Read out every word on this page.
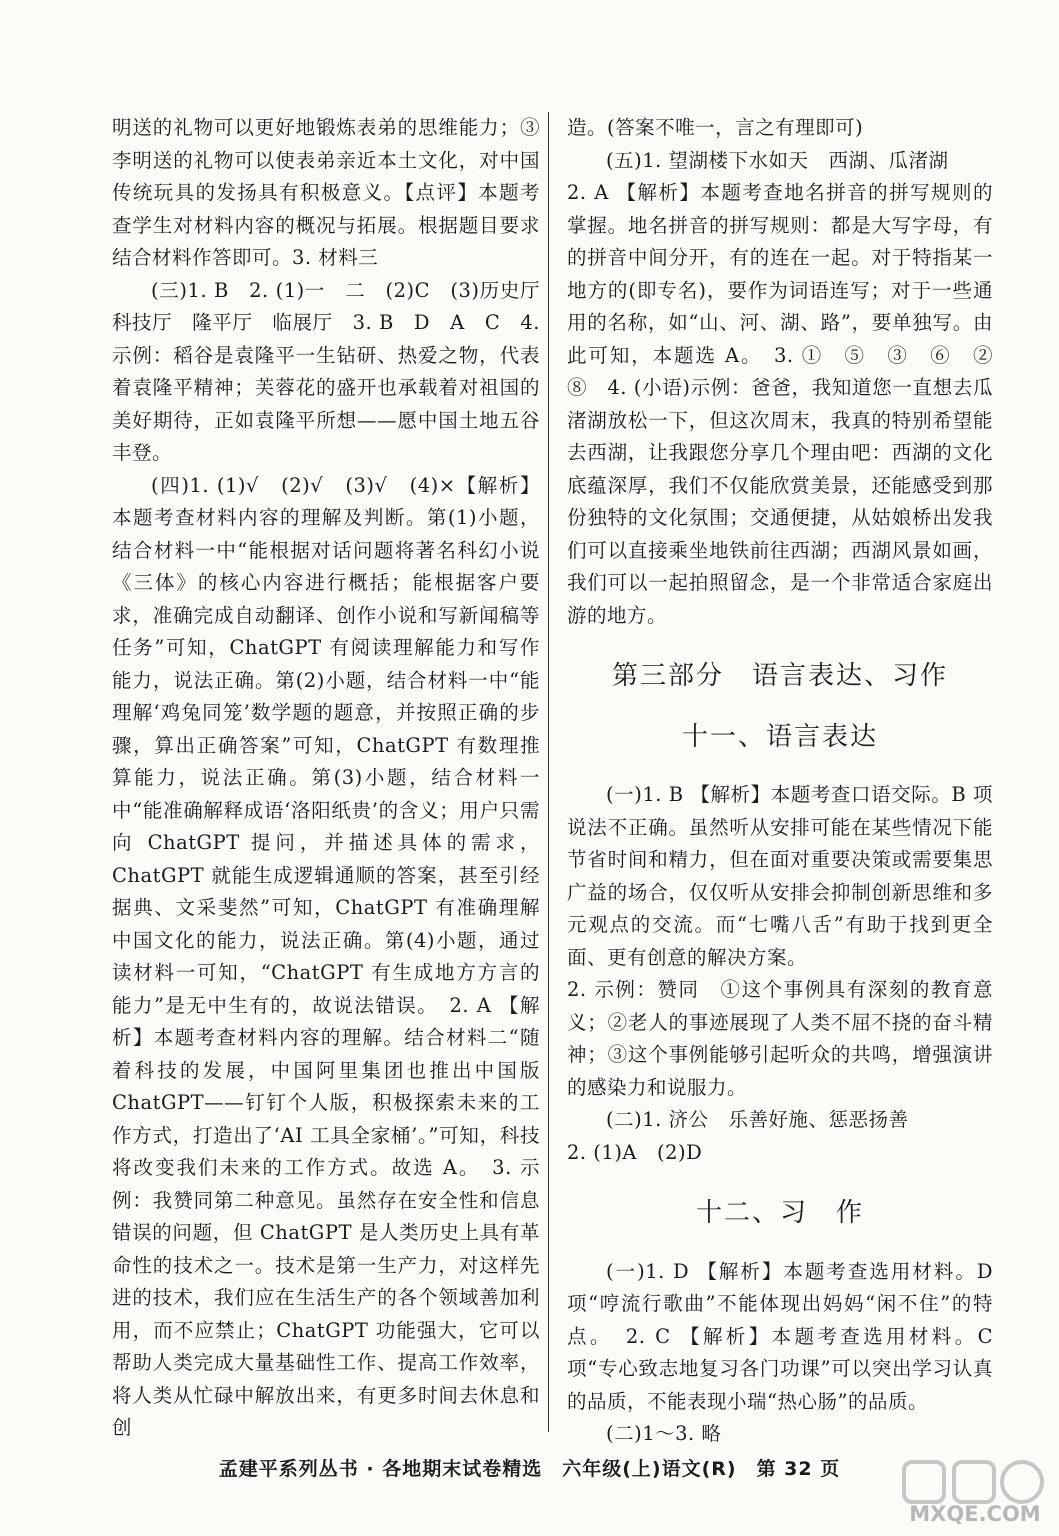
明送的礼物可以更好地锻炼表弟的思维能力；③李明送的礼物可以使表弟亲近本土文化，对中国传统玩具的发扬具有积极意义。【点评】本题考查学生对材料内容的概况与拓展。根据题目要求结合材料作答即可。3. 材料三

(三)1. B　2. (1)一　二　(2)C　(3)历史厅　科技厅　隆平厅　临展厅　3. B　D　A　C　4. 示例：稻谷是袁隆平一生钻研、热爱之物，代表着袁隆平精神；芙蓉花的盛开也承载着对祖国的美好期待，正如袁隆平所想——愿中国土地五谷丰登。

(四)1. (1)√　(2)√　(3)√　(4)×【解析】本题考查材料内容的理解及判断。第(1)小题，结合材料一中“能根据对话问题将著名科幻小说《三体》的核心内容进行概括；能根据客户要求，准确完成自动翻译、创作小说和写新闻稿等任务”可知，ChatGPT 有阅读理解能力和写作能力，说法正确。第(2)小题，结合材料一中“能理解‘鸡兔同笼’数学题的题意，并按照正确的步骤，算出正确答案”可知，ChatGPT 有数理推算能力，说法正确。第(3)小题，结合材料一中“能准确解释成语‘洛阳纸贵’的含义；用户只需向 ChatGPT 提问，并描述具体的需求，ChatGPT 就能生成逻辑通顺的答案，甚至引经据典、文采斐然”可知，ChatGPT 有准确理解中国文化的能力，说法正确。第(4)小题，通过读材料一可知，“ChatGPT 有生成地方方言的能力”是无中生有的，故说法错误。　2. A 【解析】本题考查材料内容的理解。结合材料二“随着科技的发展，中国阿里集团也推出中国版 ChatGPT——钉钉个人版，积极探索未来的工作方式，打造出了‘AI 工具全家桶’。”可知，科技将改变我们未来的工作方式。故选 A。　3. 示例：我赞同第二种意见。虽然存在安全性和信息错误的问题，但 ChatGPT 是人类历史上具有革命性的技术之一。技术是第一生产力，对这样先进的技术，我们应在生活生产的各个领域善加利用，而不应禁止；ChatGPT 功能强大，它可以帮助人类完成大量基础性工作、提高工作效率，将人类从忙碌中解放出来，有更多时间去休息和创

造。(答案不唯一，言之有理即可)

(五)1. 望湖楼下水如天　西湖、瓜渚湖

2. A 【解析】本题考查地名拼音的拼写规则的掌握。地名拼音的拼写规则：都是大写字母，有的拼音中间分开，有的连在一起。对于特指某一地方的(即专名)，要作为词语连写；对于一些通用的名称，如“山、河、湖、路”，要单独写。由此可知，本题选 A。　3. ①　⑤　③　⑥　②　⑧　4. (小语)示例：爸爸，我知道您一直想去瓜渚湖放松一下，但这次周末，我真的特别希望能去西湖，让我跟您分享几个理由吧：西湖的文化底蕴深厚，我们不仅能欣赏美景，还能感受到那份独特的文化氛围；交通便捷，从姑娘桥出发我们可以直接乘坐地铁前往西湖；西湖风景如画，我们可以一起拍照留念，是一个非常适合家庭出游的地方。

第三部分　语言表达、习作
十一、语言表达

(一)1. B 【解析】本题考查口语交际。B 项说法不正确。虽然听从安排可能在某些情况下能节省时间和精力，但在面对重要决策或需要集思广益的场合，仅仅听从安排会抑制创新思维和多元观点的交流。而“七嘴八舌”有助于找到更全面、更有创意的解决方案。

2. 示例：赞同　①这个事例具有深刻的教育意义；②老人的事迹展现了人类不屈不挠的奋斗精神；③这个事例能够引起听众的共鸣，增强演讲的感染力和说服力。

(二)1. 济公　乐善好施、惩恶扬善

2. (1)A　(2)D

十二、习　作

(一)1. D 【解析】本题考查选用材料。D 项“哼流行歌曲”不能体现出妈妈“闲不住”的特点。　2. C 【解析】本题考查选用材料。C 项“专心致志地复习各门功课”可以突出学习认真的品质，不能表现小瑞“热心肠”的品质。

(二)1～3. 略

孟建平系列丛书 · 各地期末试卷精选　六年级(上)语文(R)　第 32 页
MXQE.COM
